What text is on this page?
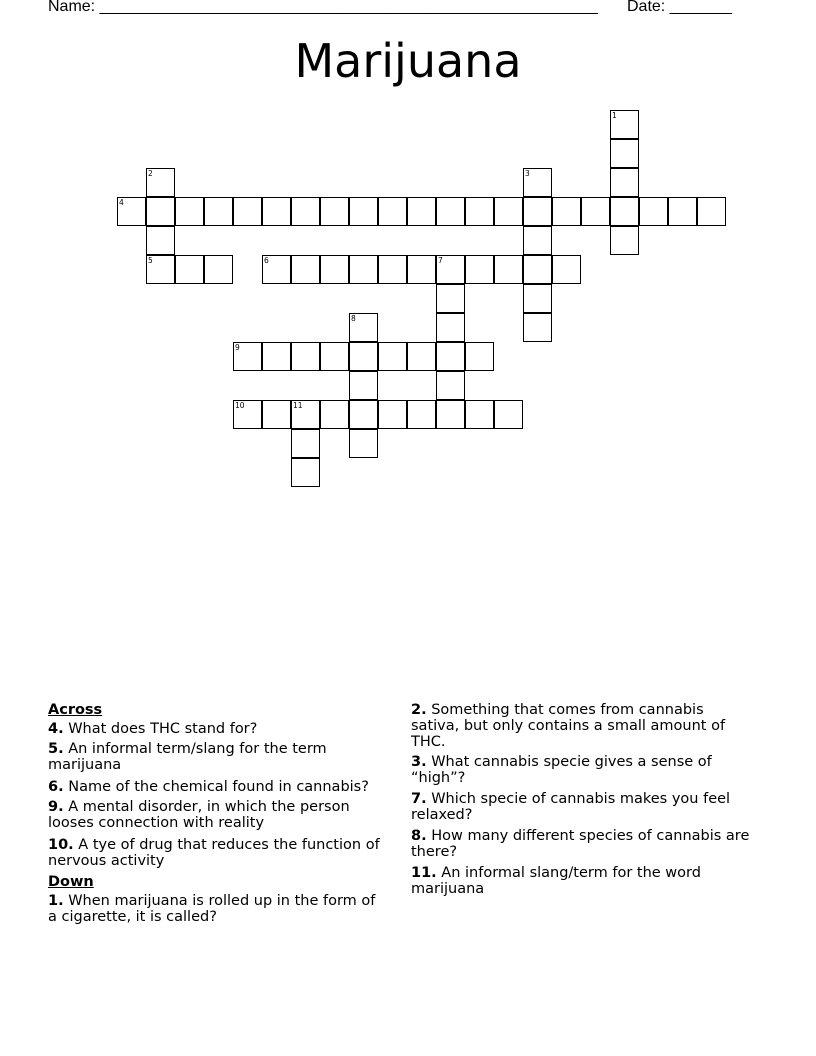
Name: ________________________________________________________ Date: _______
Marijuana
1
2	3
4
5	6	7
8
9
10	11
Across
4. What does THC stand for?
5. An informal term/slang for the term marijuana
6. Name of the chemical found in cannabis?
9. A mental disorder, in which the person looses connection with reality
10. A tye of drug that reduces the function of nervous activity
Down
1. When marijuana is rolled up in the form of a cigarette, it is called?
2. Something that comes from cannabis sativa, but only contains a small amount of THC.
3. What cannabis specie gives a sense of “high”?
7. Which specie of cannabis makes you feel relaxed?
8. How many different species of cannabis are there?
11. An informal slang/term for the word marijuana
